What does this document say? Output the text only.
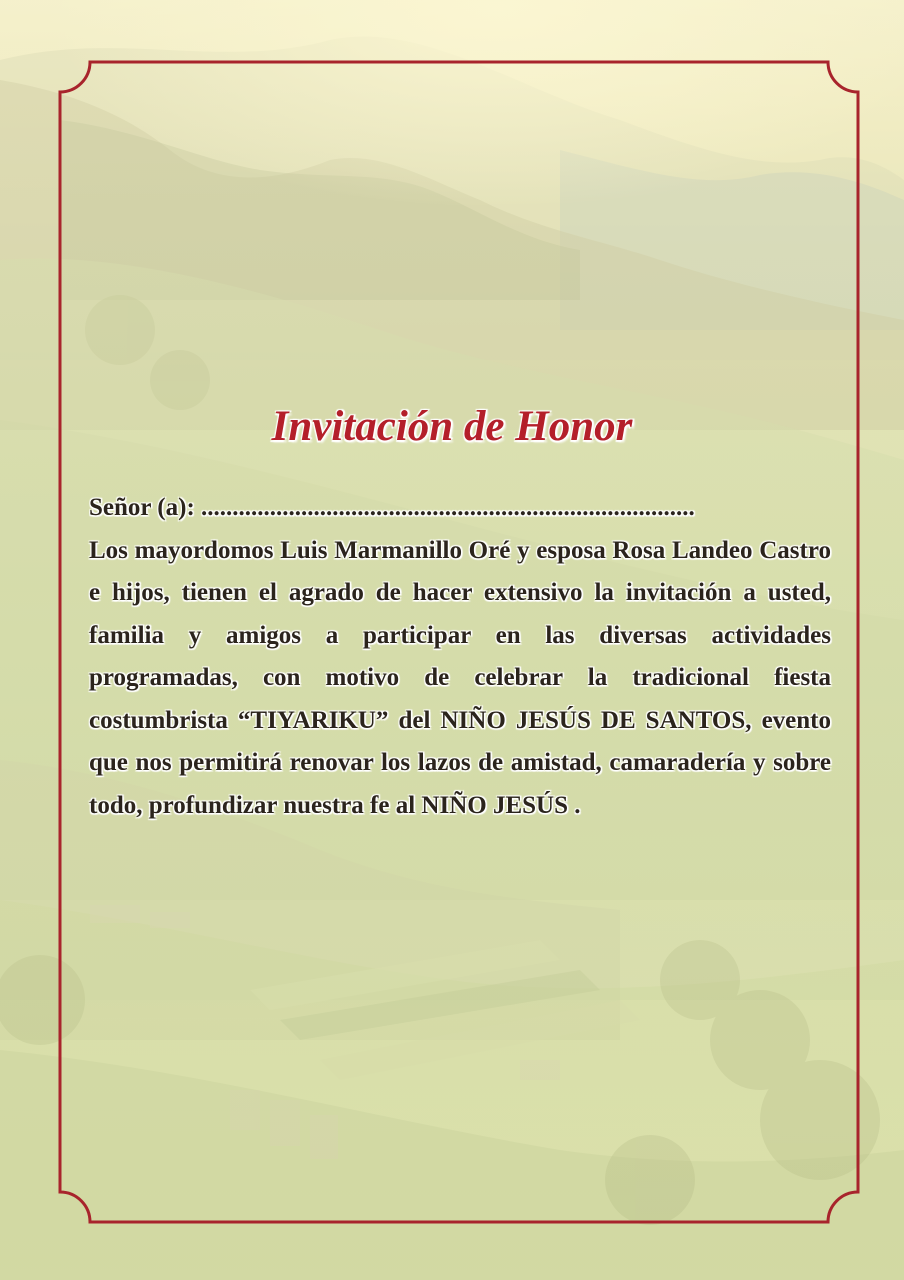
Invitación de Honor
Señor (a): ...............................................................................

Los mayordomos Luis Marmanillo Oré y esposa Rosa Landeo Castro e hijos, tienen el agrado de hacer extensivo la invitación a usted, familia y amigos a participar en las diversas actividades programadas, con motivo de celebrar la tradicional fiesta costumbrista “TIYARIKU” del NIÑO JESÚS DE SANTOS, evento que nos permitirá renovar los lazos de amistad, camaradería y sobre todo, profundizar nuestra fe al NIÑO JESÚS .
